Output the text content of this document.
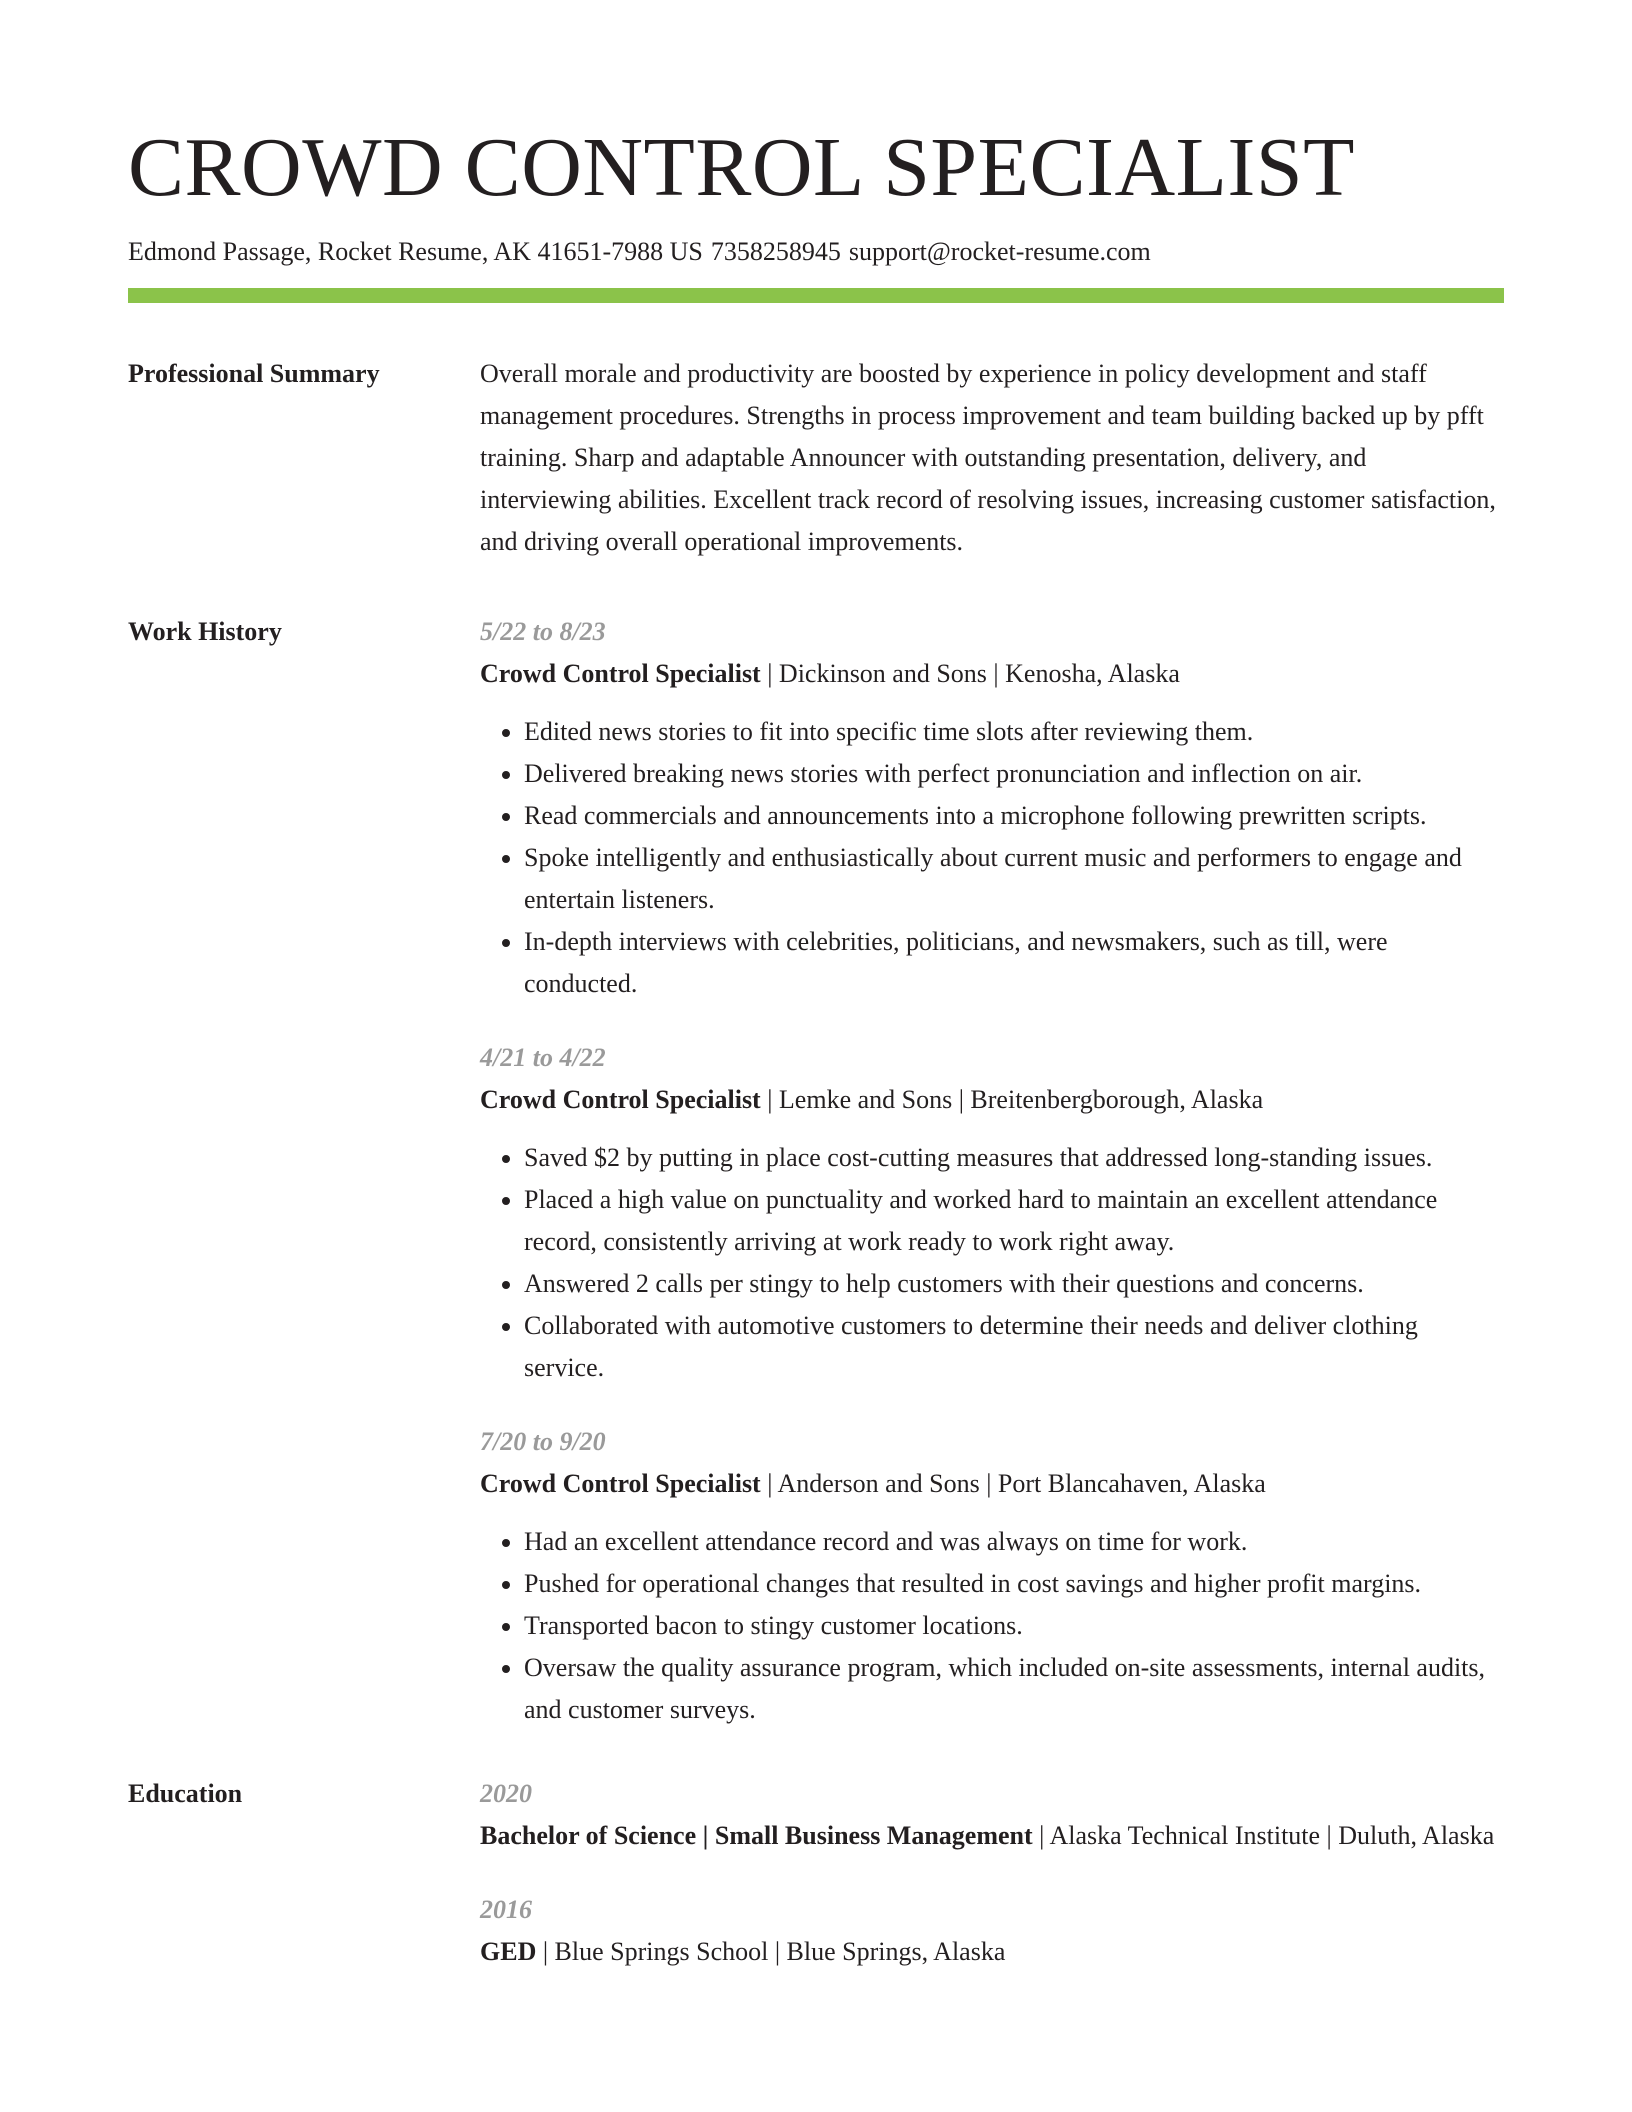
CROWD CONTROL SPECIALIST
Edmond Passage, Rocket Resume, AK 41651-7988 US 7358258945 support@rocket-resume.com
Professional Summary	Overall morale and productivity are boosted by experience in policy development and staff management procedures. Strengths in process improvement and team building backed up by pfft training. Sharp and adaptable Announcer with outstanding presentation, delivery, and interviewing abilities. Excellent track record of resolving issues, increasing customer satisfaction, and driving overall operational improvements.

Work History	5/22 to 8/23
Crowd Control Specialist | Dickinson and Sons | Kenosha, Alaska
• Edited news stories to fit into specific time slots after reviewing them.
• Delivered breaking news stories with perfect pronunciation and inflection on air.
• Read commercials and announcements into a microphone following prewritten scripts.
• Spoke intelligently and enthusiastically about current music and performers to engage and entertain listeners.
• In-depth interviews with celebrities, politicians, and newsmakers, such as till, were conducted.
4/21 to 4/22
Crowd Control Specialist | Lemke and Sons | Breitenbergborough, Alaska
• Saved $2 by putting in place cost-cutting measures that addressed long-standing issues.
• Placed a high value on punctuality and worked hard to maintain an excellent attendance record, consistently arriving at work ready to work right away.
• Answered 2 calls per stingy to help customers with their questions and concerns.
• Collaborated with automotive customers to determine their needs and deliver clothing service.
7/20 to 9/20
Crowd Control Specialist | Anderson and Sons | Port Blancahaven, Alaska
• Had an excellent attendance record and was always on time for work.
• Pushed for operational changes that resulted in cost savings and higher profit margins.
• Transported bacon to stingy customer locations.
• Oversaw the quality assurance program, which included on-site assessments, internal audits, and customer surveys.
Education	2020
Bachelor of Science | Small Business Management | Alaska Technical Institute | Duluth, Alaska
2016
GED | Blue Springs School | Blue Springs, Alaska
